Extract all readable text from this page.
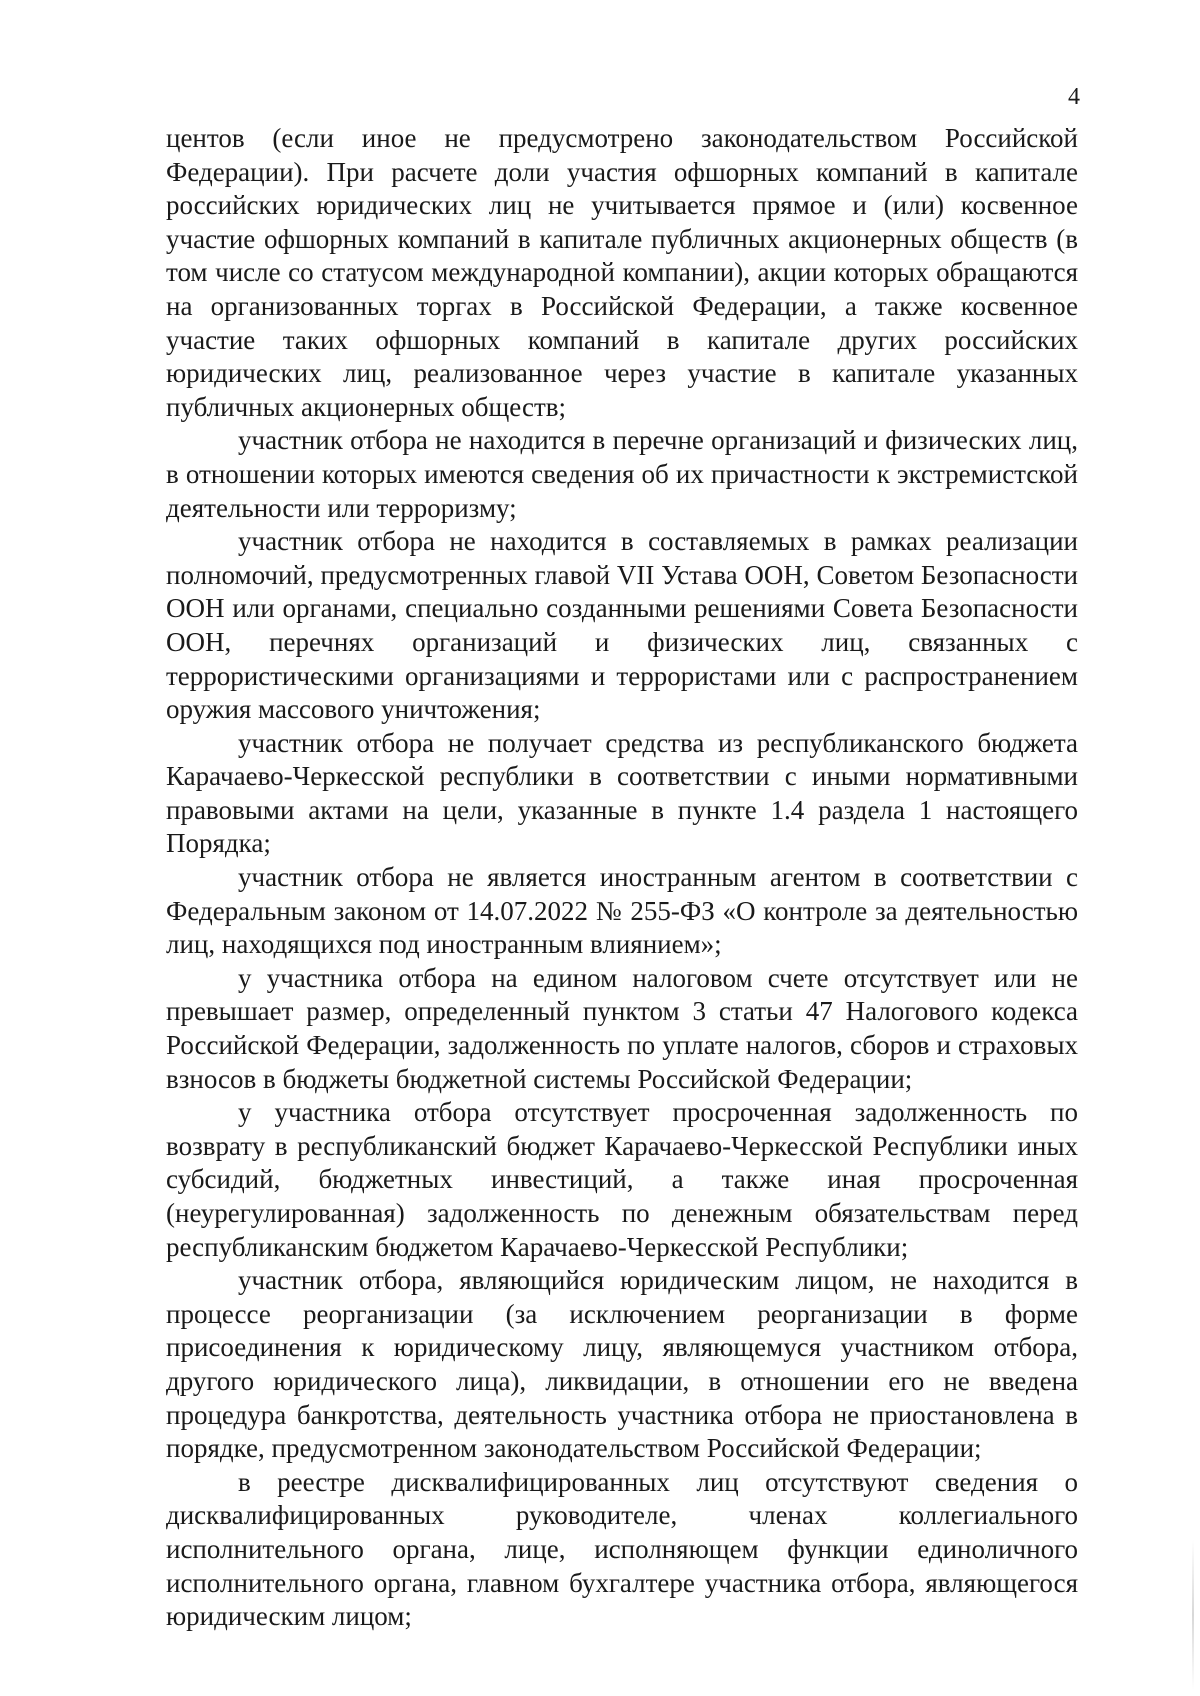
4

центов (если иное не предусмотрено законодательством Российской Федерации). При расчете доли участия офшорных компаний в капитале российских юридических лиц не учитывается прямое и (или) косвенное участие офшорных компаний в капитале публичных акционерных обществ (в том числе со статусом международной компании), акции которых обращаются на организованных торгах в Российской Федерации, а также косвенное участие таких офшорных компаний в капитале других российских юридических лиц, реализованное через участие в капитале указанных публичных акционерных обществ;

участник отбора не находится в перечне организаций и физических лиц, в отношении которых имеются сведения об их причастности к экстремистской деятельности или терроризму;

участник отбора не находится в составляемых в рамках реализации полномочий, предусмотренных главой VII Устава ООН, Советом Безопасности ООН или органами, специально созданными решениями Совета Безопасности ООН, перечнях организаций и физических лиц, связанных с террористическими организациями и террористами или с распространением оружия массового уничтожения;

участник отбора не получает средства из республиканского бюджета Карачаево-Черкесской республики в соответствии с иными нормативными правовыми актами на цели, указанные в пункте 1.4 раздела 1 настоящего Порядка;

участник отбора не является иностранным агентом в соответствии с Федеральным законом от 14.07.2022 № 255-ФЗ «О контроле за деятельностью лиц, находящихся под иностранным влиянием»;

у участника отбора на едином налоговом счете отсутствует или не превышает размер, определенный пунктом 3 статьи 47 Налогового кодекса Российской Федерации, задолженность по уплате налогов, сборов и страховых взносов в бюджеты бюджетной системы Российской Федерации;

у участника отбора отсутствует просроченная задолженность по возврату в республиканский бюджет Карачаево-Черкесской Республики иных субсидий, бюджетных инвестиций, а также иная просроченная (неурегулированная) задолженность по денежным обязательствам перед республиканским бюджетом Карачаево-Черкесской Республики;

участник отбора, являющийся юридическим лицом, не находится в процессе реорганизации (за исключением реорганизации в форме присоединения к юридическому лицу, являющемуся участником отбора, другого юридического лица), ликвидации, в отношении его не введена процедура банкротства, деятельность участника отбора не приостановлена в порядке, предусмотренном законодательством Российской Федерации;

в реестре дисквалифицированных лиц отсутствуют сведения о дисквалифицированных руководителе, членах коллегиального исполнительного органа, лице, исполняющем функции единоличного исполнительного органа, главном бухгалтере участника отбора, являющегося юридическим лицом;
